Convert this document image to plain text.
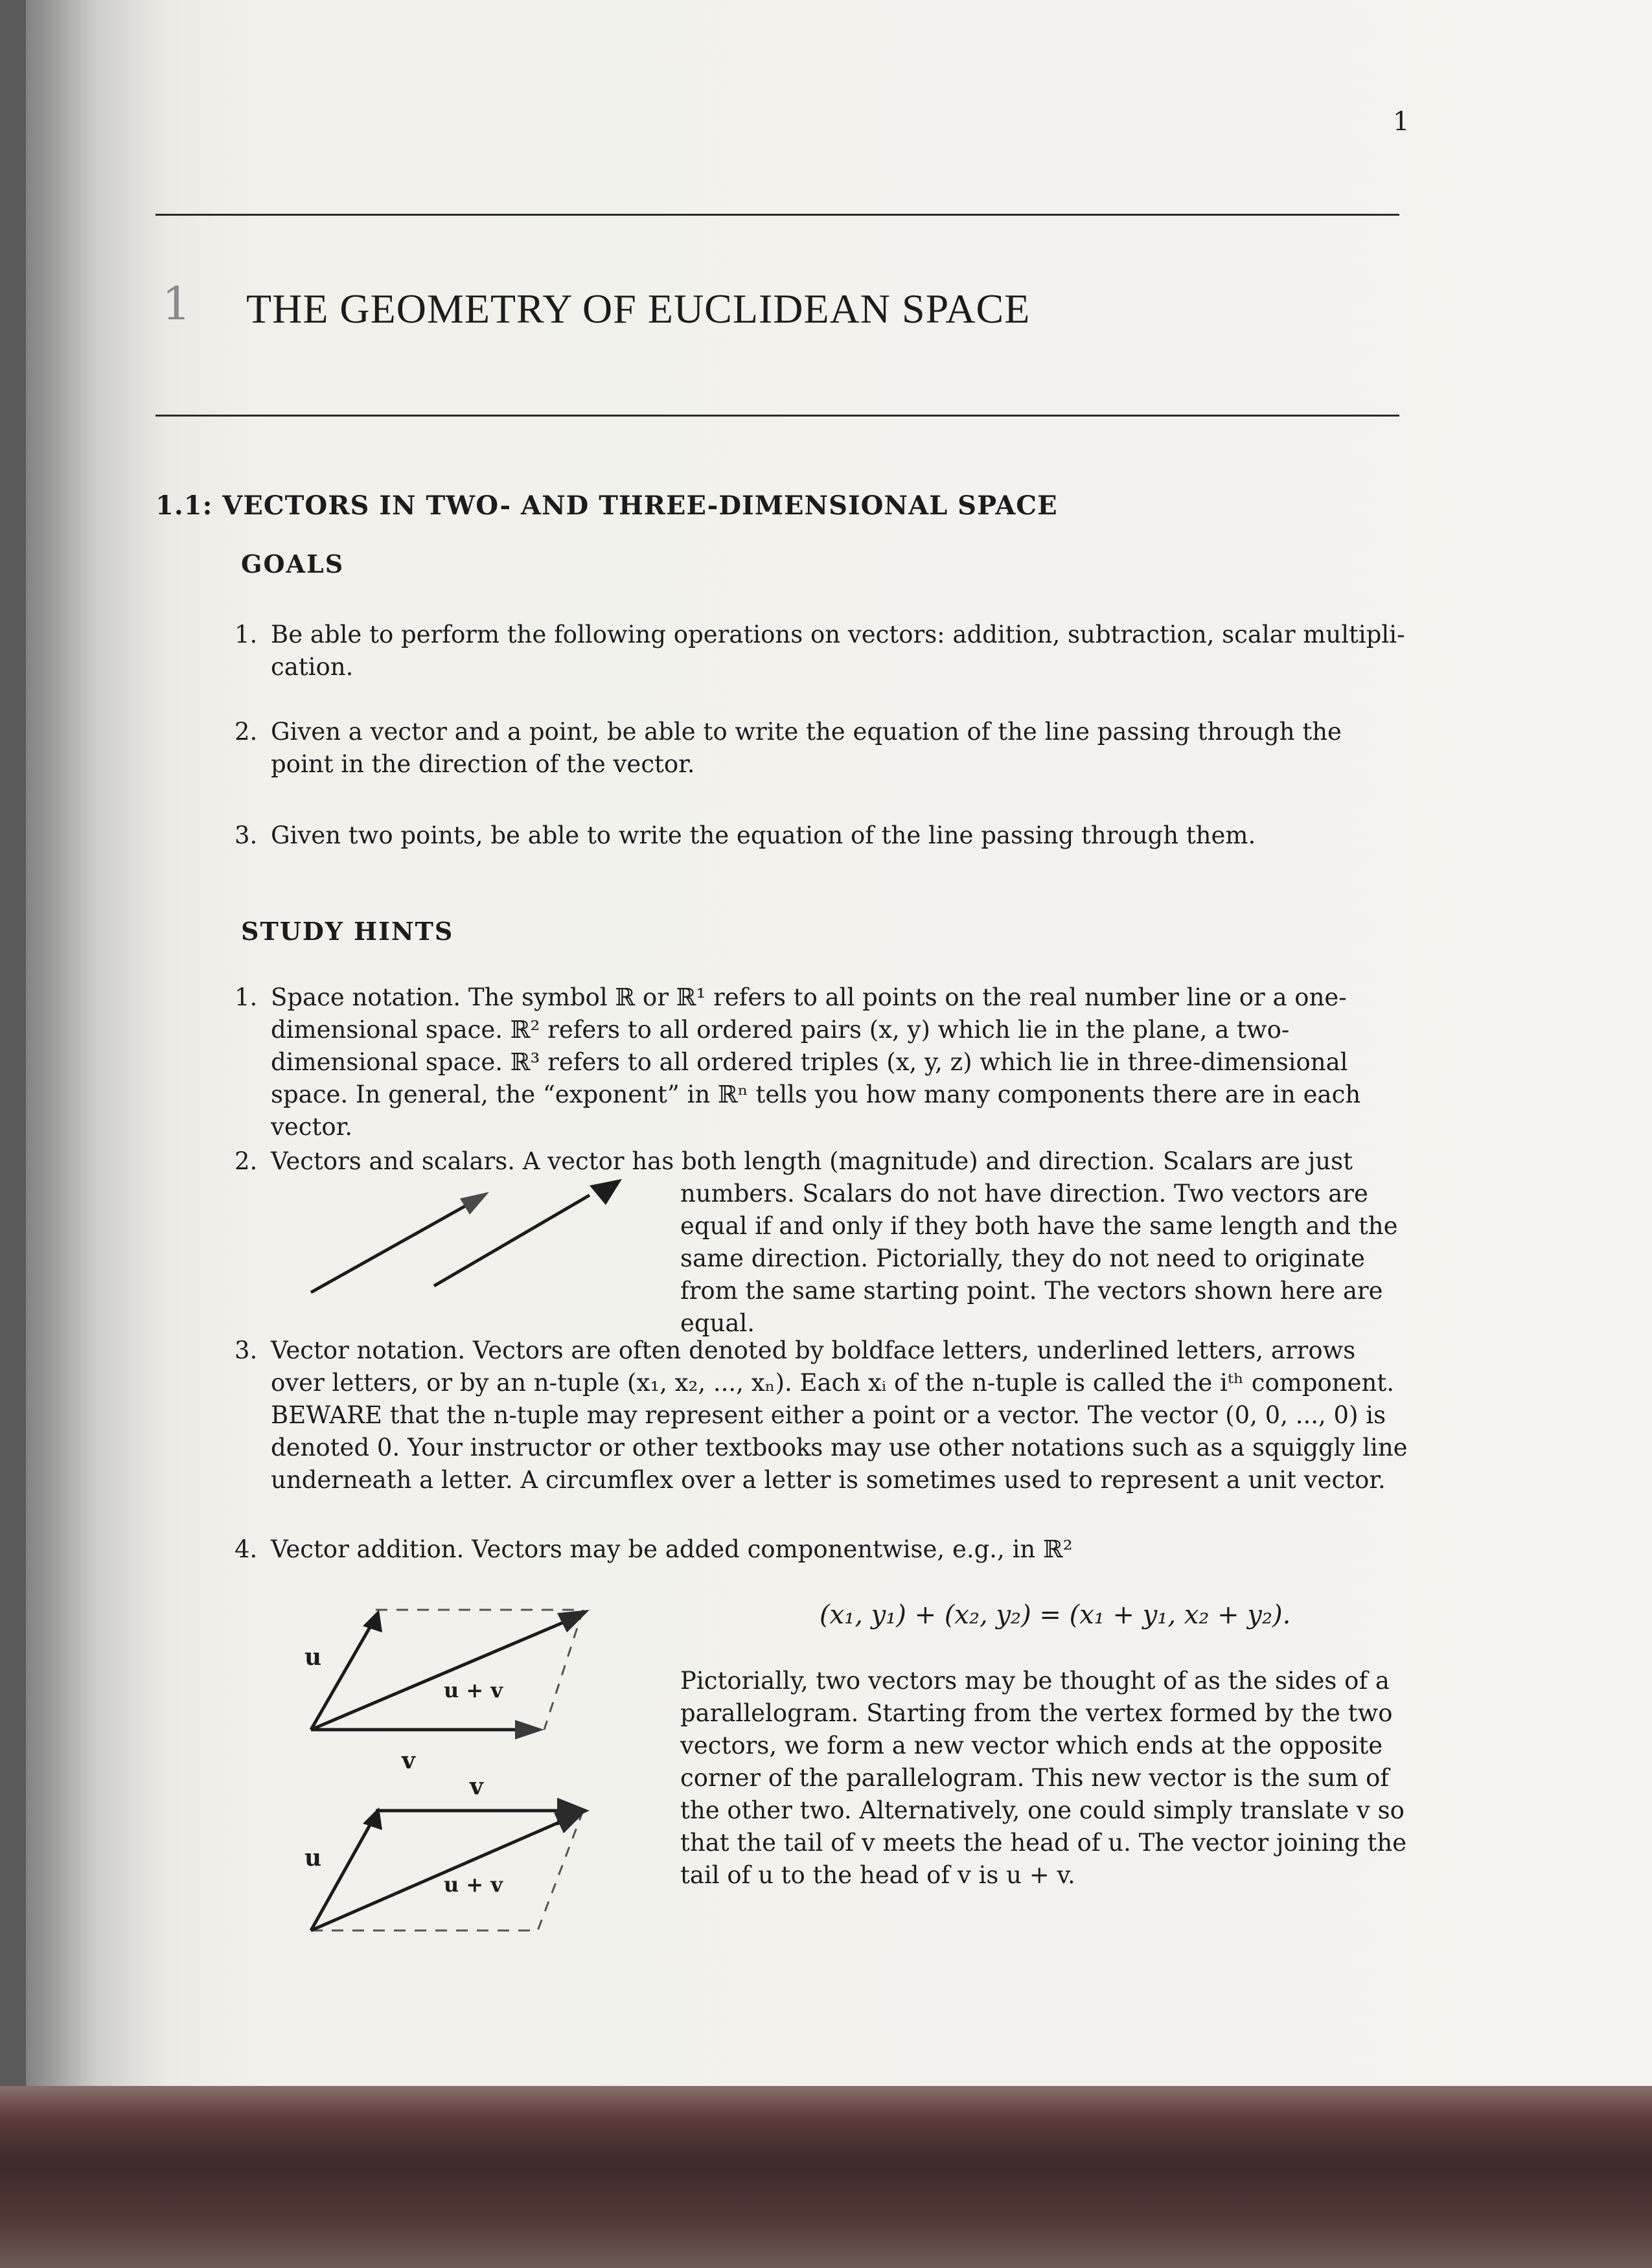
1
1 THE GEOMETRY OF EUCLIDEAN SPACE
1.1: VECTORS IN TWO- AND THREE-DIMENSIONAL SPACE
GOALS
1. Be able to perform the following operations on vectors: addition, subtraction, scalar multipli- cation.
2. Given a vector and a point, be able to write the equation of the line passing through the point in the direction of the vector.
3. Given two points, be able to write the equation of the line passing through them.
STUDY HINTS
1. Space notation. The symbol ℝ or ℝ¹ refers to all points on the real number line or a one- dimensional space. ℝ² refers to all ordered pairs (x, y) which lie in the plane, a two-dimensional space. ℝ³ refers to all ordered triples (x, y, z) which lie in three-dimensional space. In general, the “exponent” in ℝⁿ tells you how many components there are in each vector.
2. Vectors and scalars. A vector has both length (magnitude) and direction. Scalars are just
numbers. Scalars do not have direction. Two vectors are equal if and only if they both have the same length and the same direction. Pictorially, they do not need to originate from the same starting point. The vectors shown here are equal.
3. Vector notation. Vectors are often denoted by boldface letters, underlined letters, arrows over letters, or by an n-tuple (x₁, x₂, ..., xₙ). Each xᵢ of the n-tuple is called the iᵗʰ component. BEWARE that the n-tuple may represent either a point or a vector. The vector (0, 0, ..., 0) is denoted 0. Your instructor or other textbooks may use other notations such as a squiggly line underneath a letter. A circumflex over a letter is sometimes used to represent a unit vector.
4. Vector addition. Vectors may be added componentwise, e.g., in ℝ²
(x₁, y₁) + (x₂, y₂) = (x₁ + y₁, x₂ + y₂).
Pictorially, two vectors may be thought of as the sides of a parallelogram. Starting from the vertex formed by the two vectors, we form a new vector which ends at the opposite corner of the parallelogram. This new vector is the sum of the other two. Alternatively, one could simply translate v so that the tail of v meets the head of u. The vector joining the tail of u to the head of v is u + v.
u
v
u + v
u
v
u + v
